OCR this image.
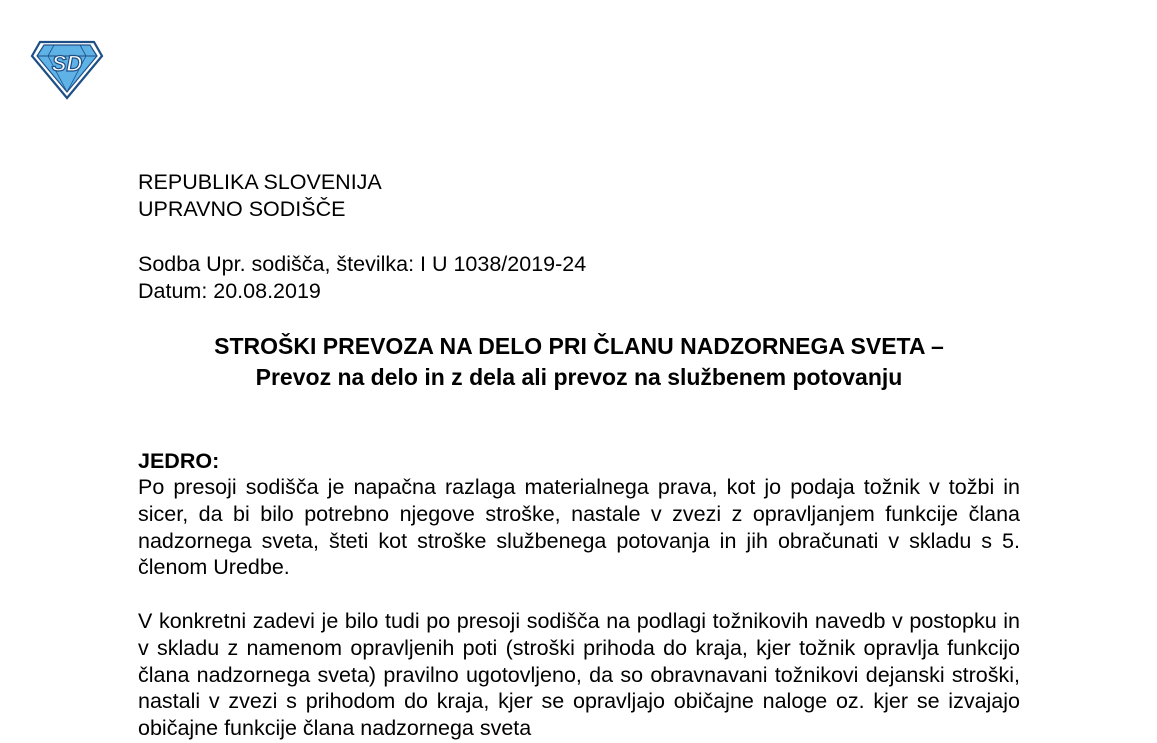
SD
REPUBLIKA SLOVENIJA
UPRAVNO SODIŠČE
Sodba Upr. sodišča, številka: I U 1038/2019-24
Datum: 20.08.2019
STROŠKI PREVOZA NA DELO PRI ČLANU NADZORNEGA SVETA –
Prevoz na delo in z dela ali prevoz na službenem potovanju
JEDRO:
Po presoji sodišča je napačna razlaga materialnega prava, kot jo podaja tožnik v tožbi in sicer, da bi bilo potrebno njegove stroške, nastale v zvezi z opravljanjem funkcije člana nadzornega sveta, šteti kot stroške službenega potovanja in jih obračunati v skladu s 5. členom Uredbe.
V konkretni zadevi je bilo tudi po presoji sodišča na podlagi tožnikovih navedb v postopku in v skladu z namenom opravljenih poti (stroški prihoda do kraja, kjer tožnik opravlja funkcijo člana nadzornega sveta) pravilno ugotovljeno, da so obravnavani tožnikovi dejanski stroški, nastali v zvezi s prihodom do kraja, kjer se opravljajo običajne naloge oz. kjer se izvajajo običajne funkcije člana nadzornega sveta
